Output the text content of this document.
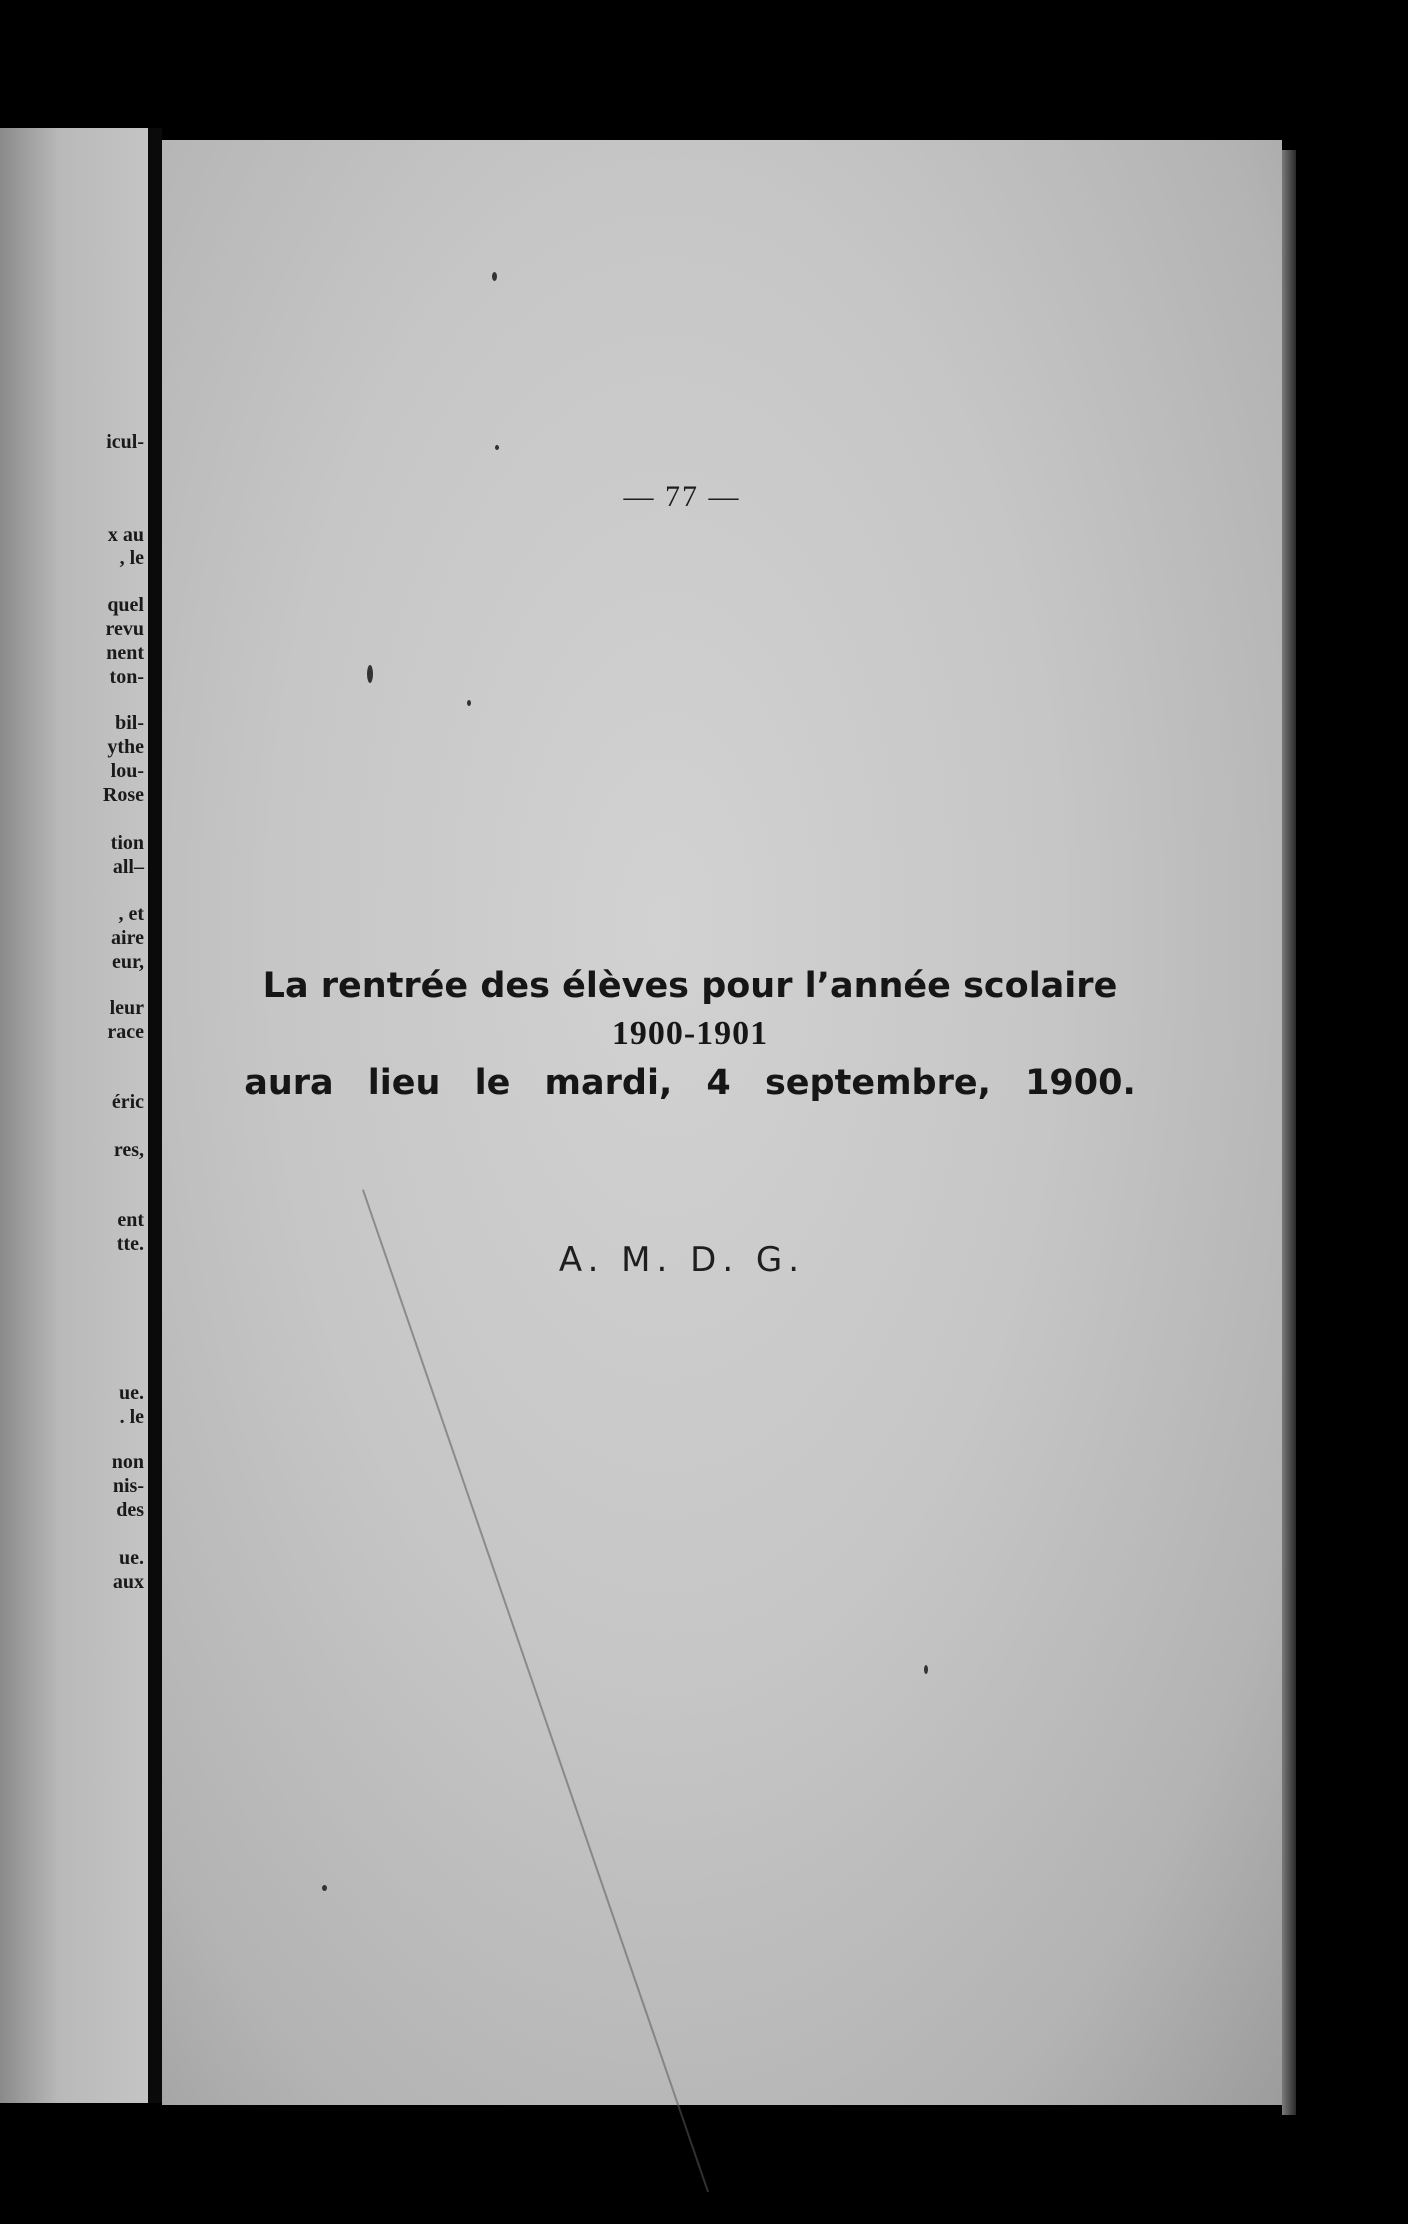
icul-
x au
, le
quel
revu
nent
ton-
bil-
ythe
lou-
Rose
tion
all–
, et
aire
eur,
leur
race
éric
res,
ent
tte.
ue.
. le
non
nis-
des
ue.
aux
— 77 —
La rentrée des élèves pour l’année scolaire
1900-1901
aura lieu le mardi, 4 septembre, 1900.
A. M. D. G.
